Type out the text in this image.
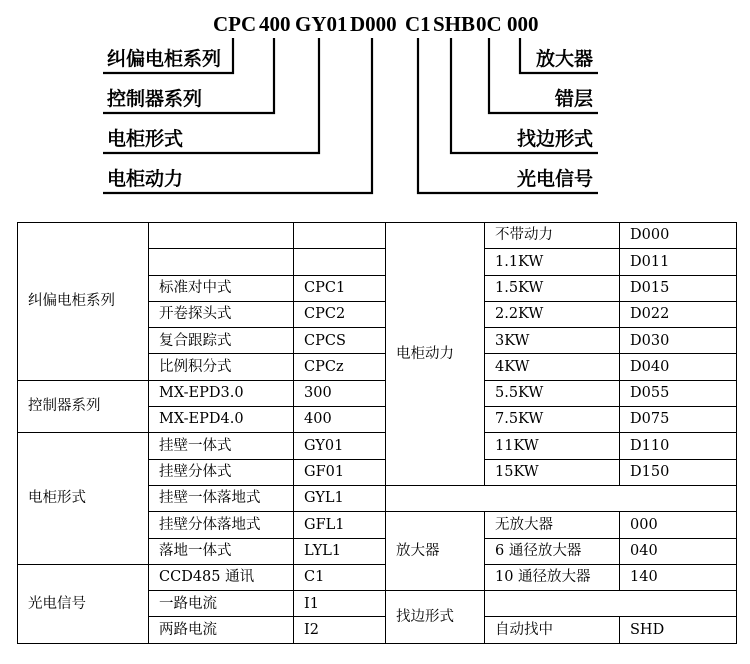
CPC 400 GY01 D000 C1 SHB 0C 000
纠偏电柜系列
控制器系列
电柜形式
电柜动力
放大器
错层
找边形式
光电信号
纠偏电柜系列			电柜动力	不带动力	D000
				1.1KW	D011
	标准对中式	CPC1		1.5KW	D015
	开卷探头式	CPC2		2.2KW	D022
	复合跟踪式	CPCS		3KW	D030
	比例积分式	CPCz		4KW	D040
控制器系列	MX-EPD3.0	300		5.5KW	D055
	MX-EPD4.0	400		7.5KW	D075
电柜形式	挂壁一体式	GY01		11KW	D110
	挂壁分体式	GF01		15KW	D150
	挂壁一体落地式	GYL1			
	挂壁分体落地式	GFL1	放大器	无放大器	000
	落地一体式	LYL1		6 通径放大器	040
光电信号	CCD485 通讯	C1		10 通径放大器	140
	一路电流	I1	找边形式		
	两路电流	I2		自动找中	SHD
